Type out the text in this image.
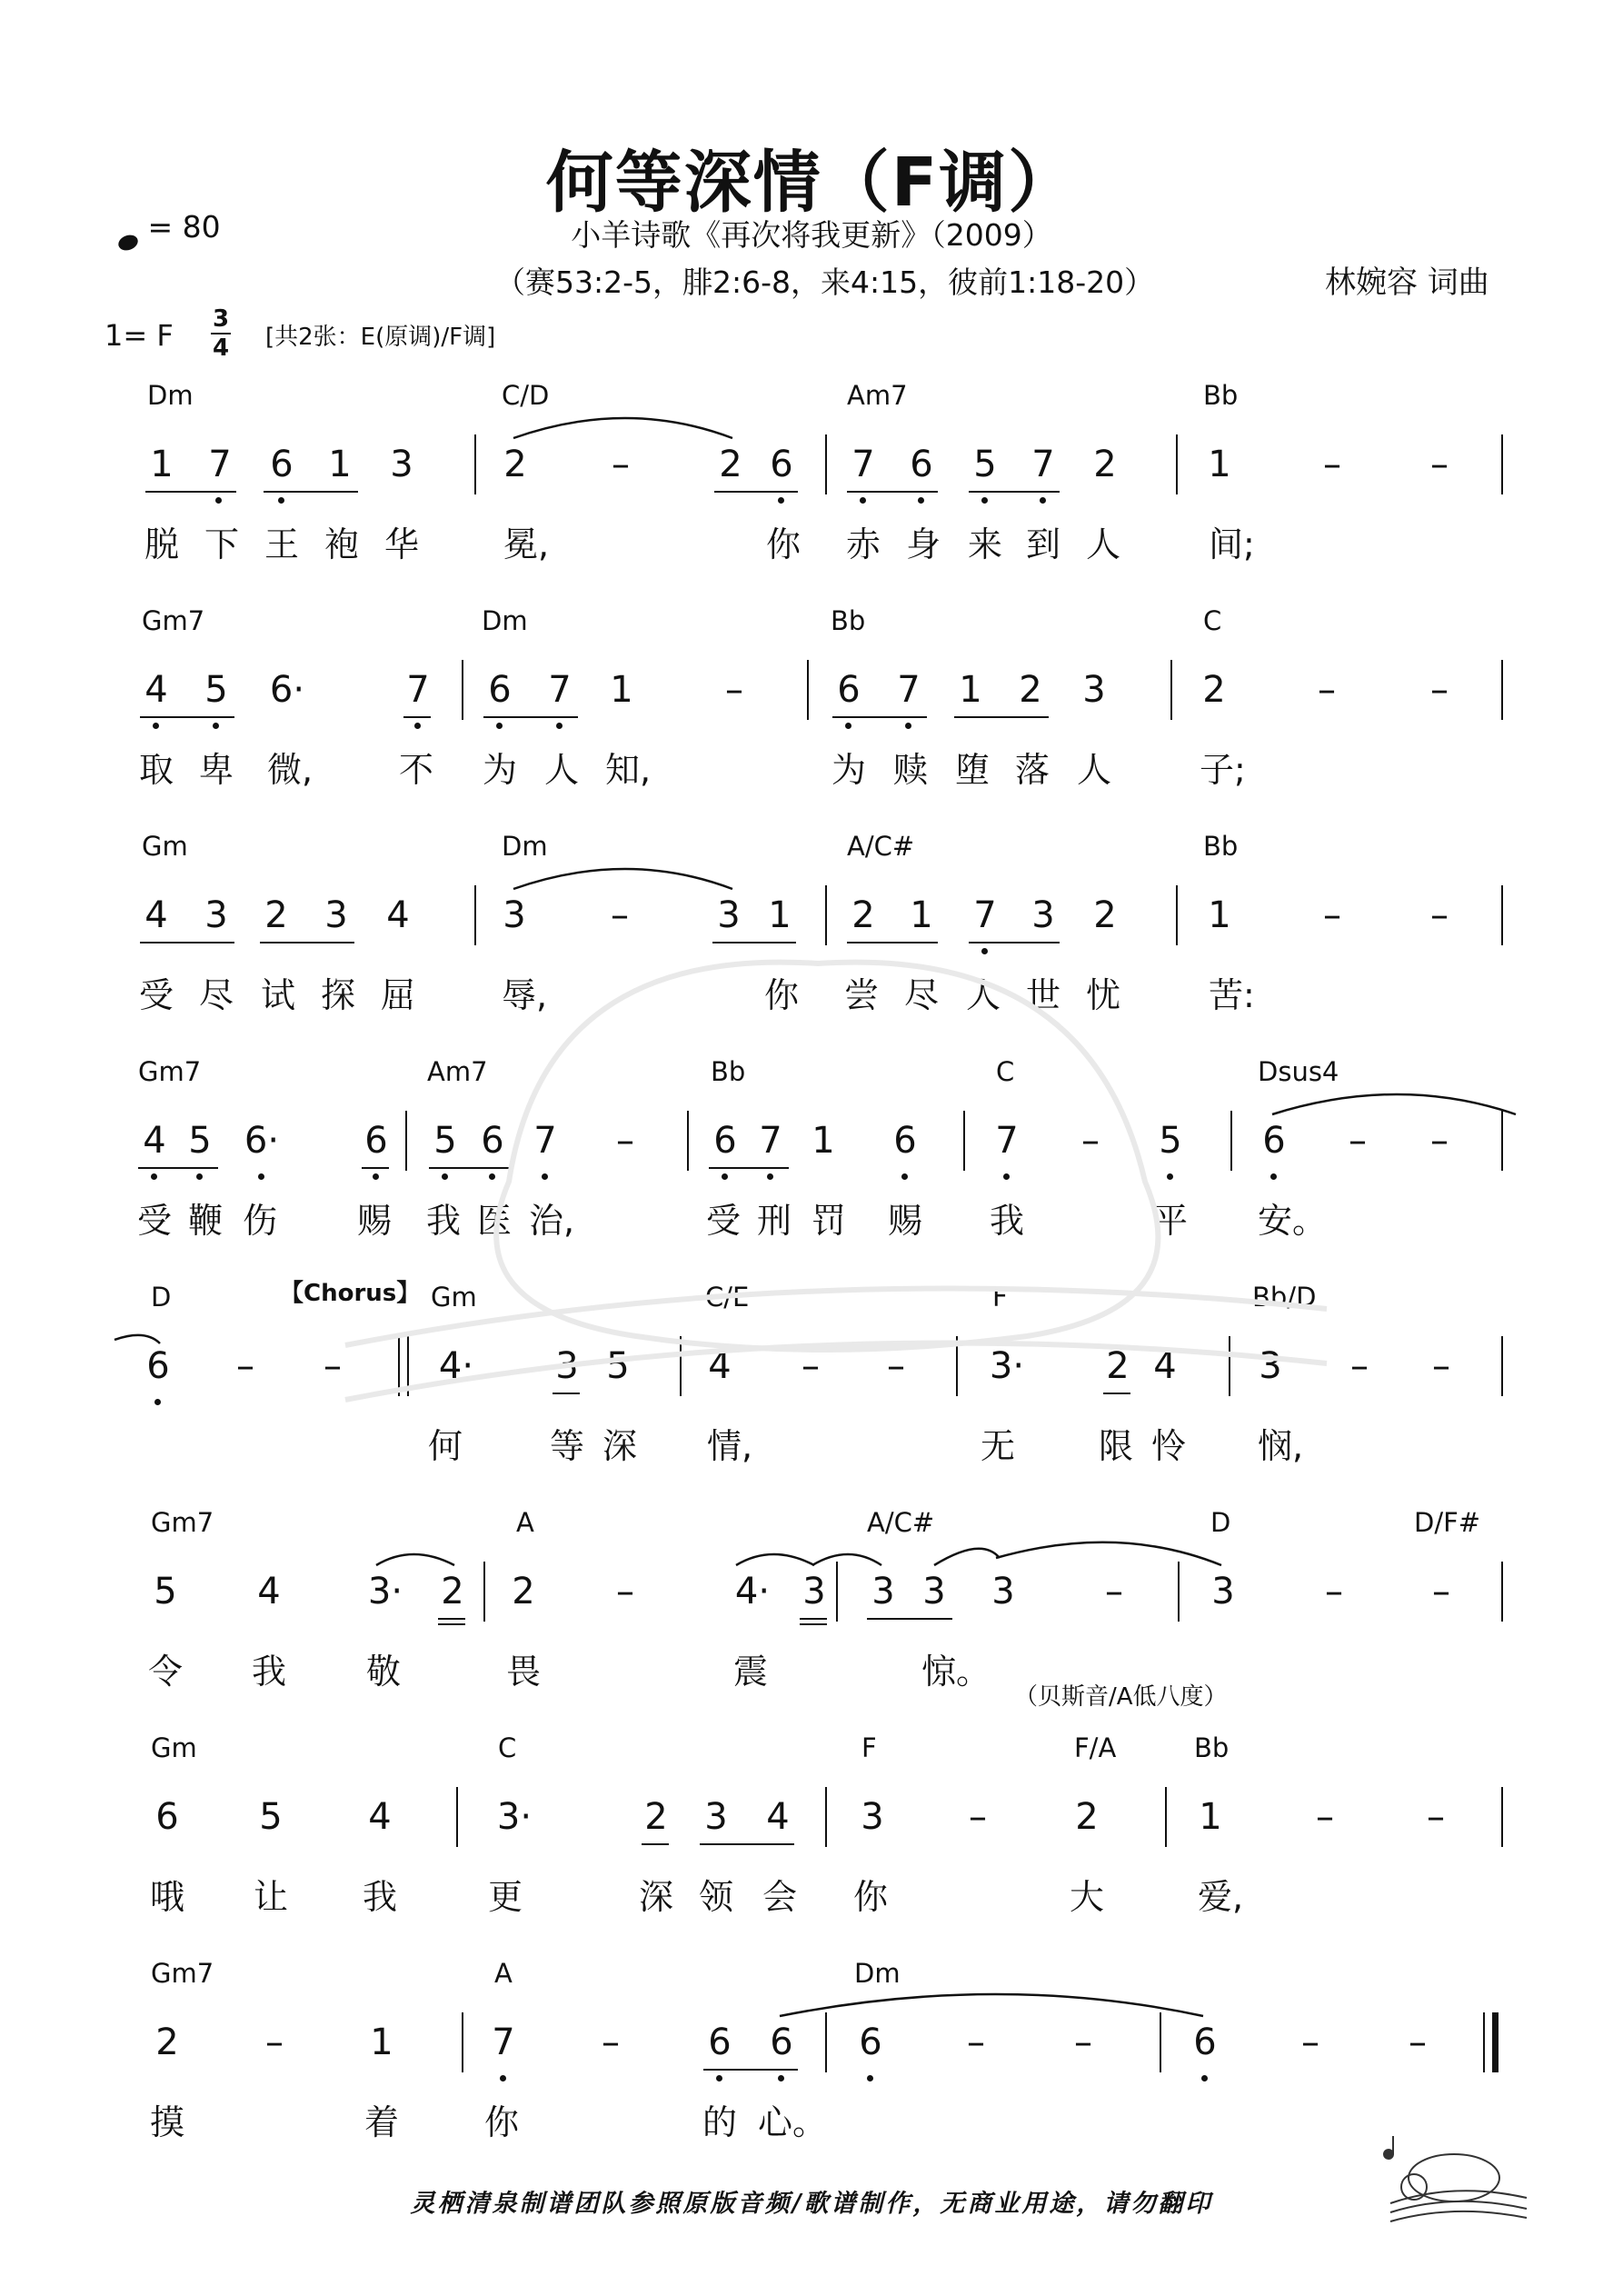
何等深情（F调）
小羊诗歌《再次将我更新》（2009）
（赛53:2-5，腓2:6-8，来4:15，彼前1:18-20）	林婉容 词曲
= 80
1= F 3
4 [共2张：E(原调)/F调]
Dm	C/D	Am7	Bb
1 7 6 1 3 2 – 2 6 7 6 5 7 2	1	– –
脱 下 王 袍 华 冕,	你 赤 身 来 到 人	间;
Gm7	Dm	Bb	C
4 5 6·	7 6 7 1	–	6 7 1 2 3	2	–	–
取 卑 微, 不 为 人 知,	为 赎 堕 落 人	子;
Gm	Dm	A/C#	Bb
4 3 2 3 4	3 – 3 1 2 1 7 3 2	1	– –
受 尽 试 探 屈	辱,	你 尝 尽 人 世 忧	苦:
Gm7	Am7	Bb	C	Dsus4
4 5 6· 6 5 6 7 – 6 7 1 6 7 – 5 6 – –
受 鞭 伤 赐 我 医 治,	受 刑 罚 赐 我	平 安。
D	【Chorus】 Gm	C/E	F	Bb/D
6 – –	4· 3 5 4 – – 3· 2 4 3 – –
何	等 深 情,	无 限 怜 悯,
Gm7	A	A/C#	D	D/F#
5 4 3· 2 2 –	4· 3 3 3 3 – 3 – –
令 我 敬	畏	震	惊。
（贝斯音/A低八度）
Gm	C	F	F/A	Bb
6 5 4	3·	2 3 4 3 – 2	1	–	–
哦 让 我	更	深 领 会 你	大	爱,
Gm7	A	Dm
2 – 1	7 – 6 6 6 – –	6 – –
摸	着 你	的 心。
灵栖清泉制谱团队参照原版音频/歌谱制作，无商业用途，请勿翻印
